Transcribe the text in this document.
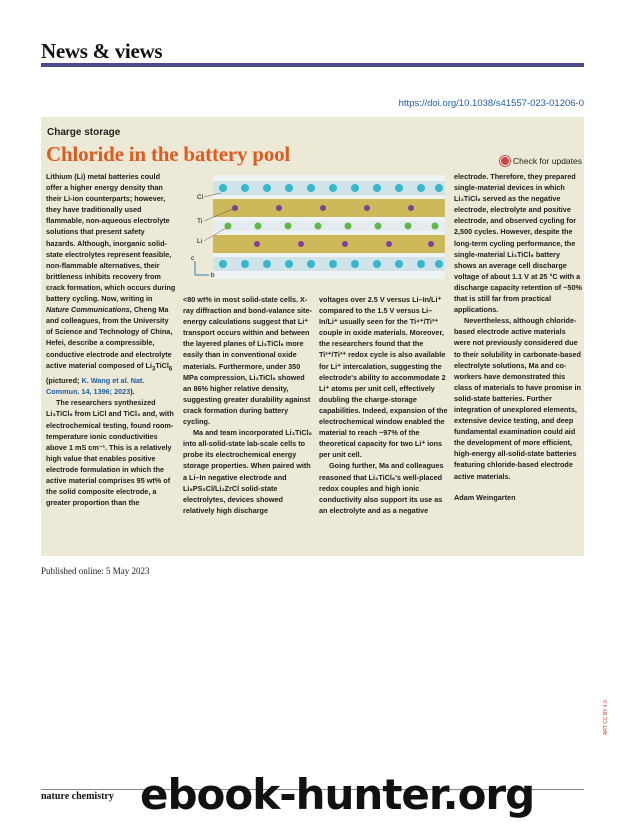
News & views
https://doi.org/10.1038/s41557-023-01206-0
Charge storage
Chloride in the battery pool	Check for updates

Lithium (Li) metal batteries could offer a higher energy density than their Li-ion counterparts; however, they have traditionally used flammable, non-aqueous electrolyte solutions that present safety hazards. Although, inorganic solid-state electrolytes represent feasible, non-flammable alternatives, their brittleness inhibits recovery from crack formation, which occurs during battery cycling. Now, writing in Nature Communications, Cheng Ma and colleagues, from the University of Science and Technology of China, Hefei, describe a compressible, conductive electrode and electrolyte active material composed of $Li_3TiCl_6$ (pictured; K. Wang et al. Nat. Commun. 14, 1396; 2023).

The researchers synthesized Li₃TiCl₆ from LiCl and TiCl₃ and, with electrochemical testing, found room-temperature ionic conductivities above 1 mS cm⁻¹. This is a relatively high value that enables positive electrode formulation in which the active material comprises 95 wt% of the solid composite electrode, a greater proportion than the

Cl
Ti
Li
c
b

<80 wt% in most solid-state cells. X-ray diffraction and bond-valance site-energy calculations suggest that Li⁺ transport occurs within and between the layered planes of Li₃TiCl₆ more easily than in conventional oxide materials. Furthermore, under 350 MPa compression, Li₃TiCl₆ showed an 86% higher relative density, suggesting greater durability against crack formation during battery cycling.

Ma and team incorporated Li₃TiCl₆ into all-solid-state lab-scale cells to probe its electrochemical energy storage properties. When paired with a Li–In negative electrode and Li₆PS₅Cl/Li₂ZrCl solid-state electrolytes, devices showed relatively high discharge

voltages over 2.5 V versus Li–In/Li⁺ compared to the 1.5 V versus Li–In/Li⁺ usually seen for the Ti⁴⁺/Ti³⁺ couple in oxide materials. Moreover, the researchers found that the Ti²⁺/Ti³⁺ redox cycle is also available for Li⁺ intercalation, suggesting the electrode's ability to accommodate 2 Li⁺ atoms per unit cell, effectively doubling the charge-storage capabilities. Indeed, expansion of the electrochemical window enabled the material to reach ~97% of the theoretical capacity for two Li⁺ ions per unit cell.

Going further, Ma and colleagues reasoned that Li₃TiCl₆'s well-placed redox couples and high ionic conductivity also support its use as an electrolyte and as a negative

electrode. Therefore, they prepared single-material devices in which Li₃TiCl₆ served as the negative electrode, electrolyte and positive electrode, and observed cycling for 2,500 cycles. However, despite the long-term cycling performance, the single-material Li₃TiCl₆ battery shows an average cell discharge voltage of about 1.1 V at 25 °C with a discharge capacity retention of ~50% that is still far from practical applications.

Nevertheless, although chloride-based electrode active materials were not previously considered due to their solubility in carbonate-based electrolyte solutions, Ma and co-workers have demonstrated this class of materials to have promise in solid-state batteries. Further integration of unexplored elements, extensive device testing, and deep fundamental examination could aid the development of more efficient, high-energy all-solid-state batteries featuring chloride-based electrode active materials.

Adam Weingarten

Published online: 5 May 2023
ART CC BY 4.0
nature chemistry ebook-hunter.org
